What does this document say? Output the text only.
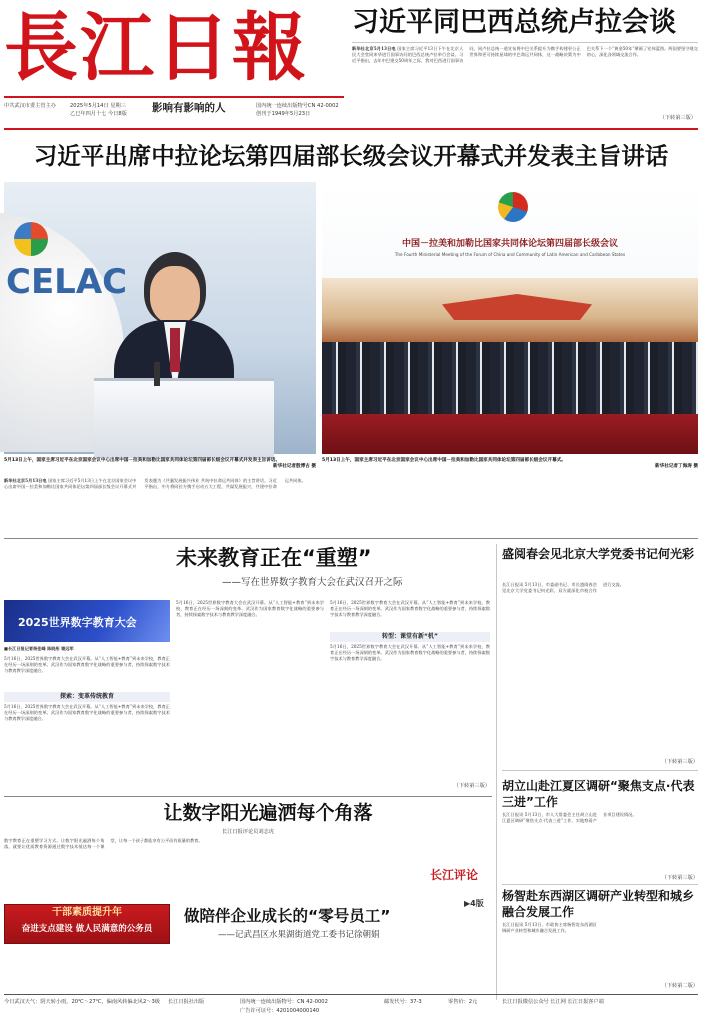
長江日報
中共武汉市委主管主办	2025年5月14日 星期三
乙巳年四月十七 今日8版	影响有影响的人	国内统一连续出版物号CN 42-0002
创刊于1949年5月23日
习近平同巴西总统卢拉会谈
新华社北京5月13日电 国家主席习近平13日下午在北京人民大会堂同来华进行国事访问的巴西总统卢拉举行会谈。习近平指出，去年中巴建交50周年之际，我对巴西进行国事访问，同卢拉总统一道宣布将中巴关系提升为携手构建更公正世界和更可持续星球的中巴命运共同体，这一战略决策为中巴关系下一个“黄金50年”擘画了宏伟蓝图。两国要坚守建交初心，深化各领域交流合作。
（下转第三版）
习近平出席中拉论坛第四届部长级会议开幕式并发表主旨讲话
CELAC
5月13日上午，国家主席习近平在北京国家会议中心出席中国－拉美和加勒比国家共同体论坛第四届部长级会议开幕式并发表主旨讲话。
新华社记者殷博古 摄
中国－拉美和加勒比国家共同体论坛第四届部长级会议
The Fourth Ministerial Meeting of the Forum of China and Community of Latin American and Caribbean States
5月13日上午，国家主席习近平在北京国家会议中心出席中国－拉美和加勒比国家共同体论坛第四届部长级会议开幕式。
新华社记者丁海涛 摄
新华社北京5月13日电 国家主席习近平5月13日上午在北京国家会议中心出席中国－拉美和加勒比国家共同体论坛第四届部长级会议开幕式并发表题为《共襄发展振兴伟业 共筑中拉命运共同体》的主旨讲话。习近平指出，中方将同拉方携手启动五大工程，共谋发展振兴，共建中拉命运共同体。
未来教育正在“重塑”
——写在世界数字教育大会在武汉召开之际
2025世界数字教育大会
■长江日报记者杨佳峰 陈晓彤 谢远军
5月16日，2025世界数字教育大会在武汉开幕。从“人工智能+教育”到未来学校，教育正在经历一场深刻的变革。武汉作为国家教育数字化战略的重要参与者，持续探索数字技术与教育教学深度融合。
探索：变革传统教育
5月16日，2025世界数字教育大会在武汉开幕。从“人工智能+教育”到未来学校，教育正在经历一场深刻的变革。武汉作为国家教育数字化战略的重要参与者，持续探索数字技术与教育教学深度融合。
5月16日，2025世界数字教育大会在武汉开幕。从“人工智能+教育”到未来学校，教育正在经历一场深刻的变革。武汉作为国家教育数字化战略的重要参与者，持续探索数字技术与教育教学深度融合。
5月16日，2025世界数字教育大会在武汉开幕。从“人工智能+教育”到未来学校，教育正在经历一场深刻的变革。武汉作为国家教育数字化战略的重要参与者，持续探索数字技术与教育教学深度融合。
转型：课堂有新“机”
5月16日，2025世界数字教育大会在武汉开幕。从“人工智能+教育”到未来学校，教育正在经历一场深刻的变革。武汉作为国家教育数字化战略的重要参与者，持续探索数字技术与教育教学深度融合。
（下转第三版）
让数字阳光遍洒每个角落
长江日报评论员刘志虎
数字教育正在重塑学习方式。让数字阳光遍洒每个角落，就要让优质教育资源通过数字技术抵达每一个课堂，让每一个孩子都能享有公平而有质量的教育。
长江评论
干部素质提升年
奋进支点建设 做人民满意的公务员
做陪伴企业成长的“零号员工”
——记武昌区水果湖街道党工委书记徐朝娟
▶4版
盛阅春会见北京大学党委书记何光彩
长江日报讯 5月13日，市委副书记、市长盛阅春会见北京大学党委书记何光彩，双方就深化市校合作进行交流。
（下转第三版）
胡立山赴江夏区调研“聚焦支点·代表三进”工作
长江日报讯 5月13日，市人大常委会主任胡立山赴江夏区调研“聚焦支点·代表三进”工作，实地察看产业项目建设情况。
（下转第三版）
杨智赴东西湖区调研产业转型和城乡融合发展工作
长江日报讯 5月13日，市政协主席杨智赴东西湖区调研产业转型和城乡融合发展工作。
（下转第二版）
今日武汉天气：阴天转小雨，20℃～27℃，偏南风转偏北风2～3级	长江日报社出版	国内统一连续出版物号：CN 42-0002
广告许可证号：4201004000140
邮发代号：37-3	零售价：2元	长江日报微信公众号 长江网 长江日报客户端
